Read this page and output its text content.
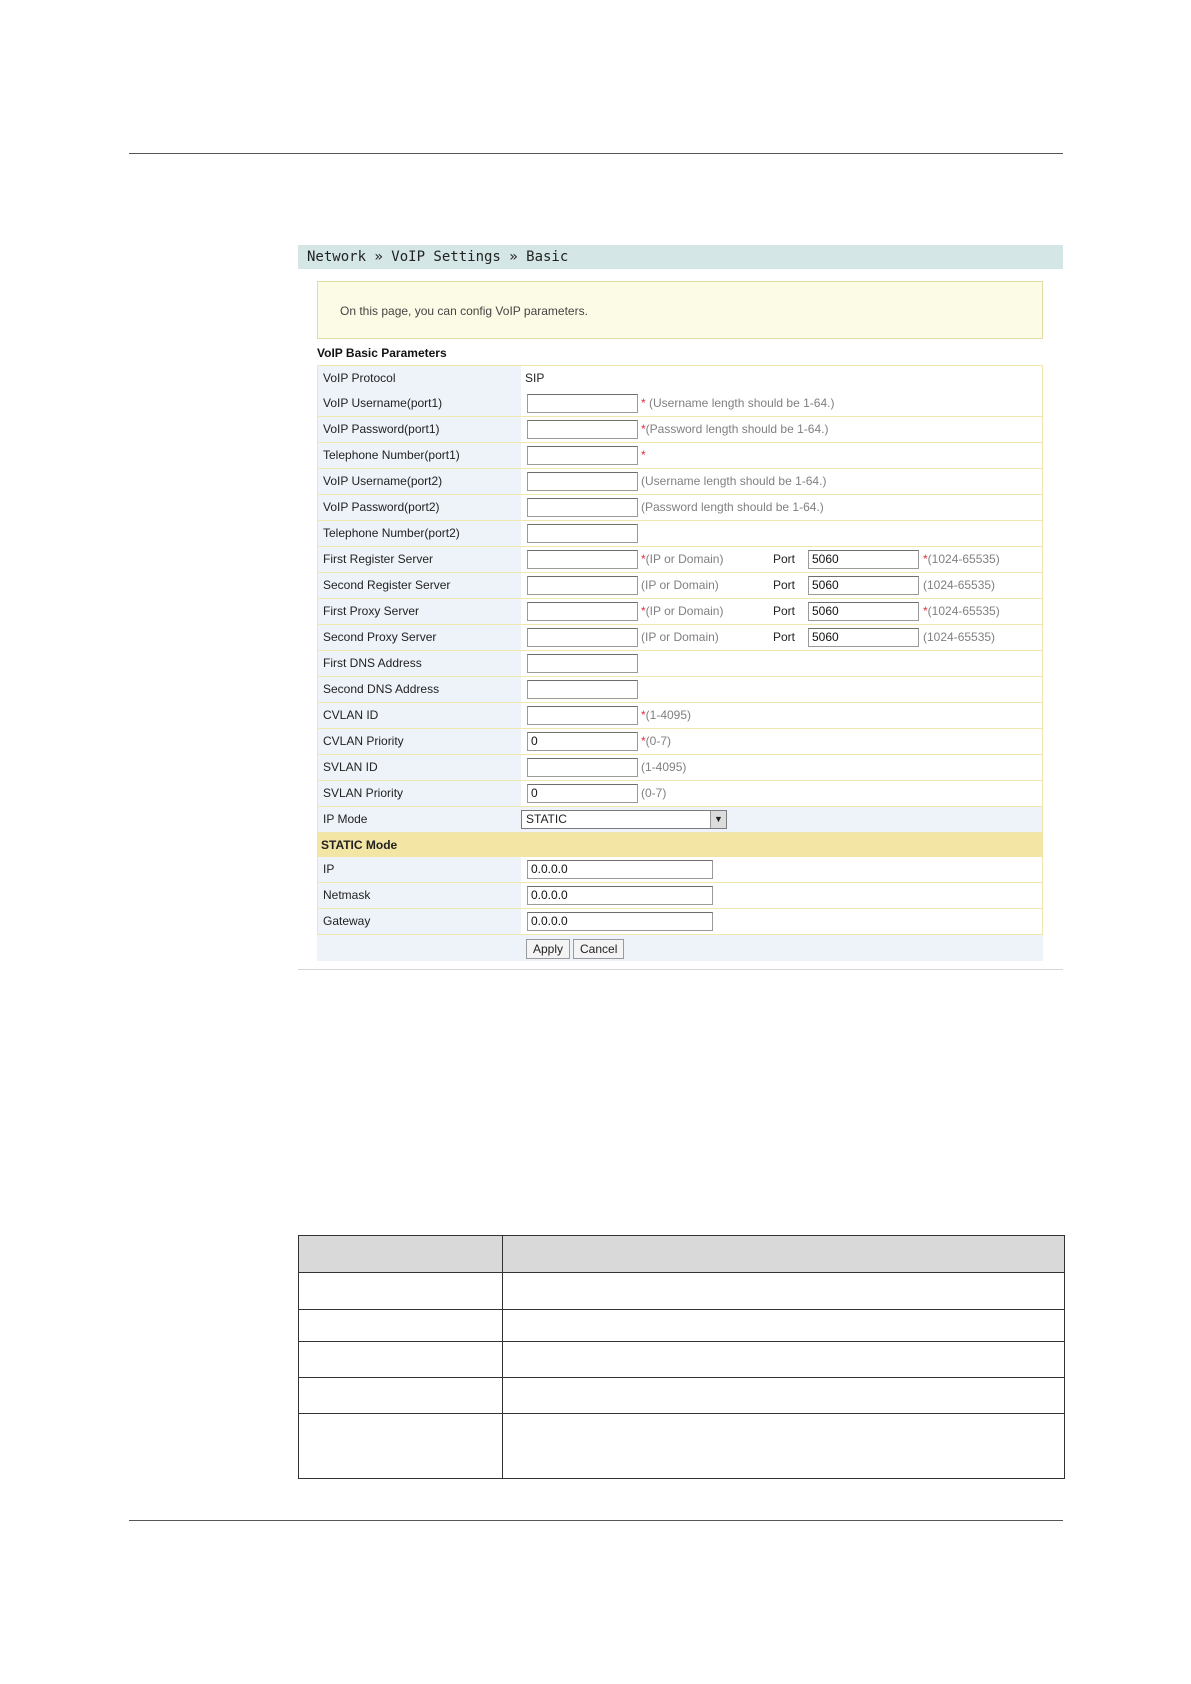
Network » VoIP Settings » Basic
On this page, you can config VoIP parameters.
VoIP Basic Parameters
VoIP Protocol	SIP
VoIP Username(port1)	* (Username length should be 1-64.)
VoIP Password(port1)	*(Password length should be 1-64.)
Telephone Number(port1)	*
VoIP Username(port2)	(Username length should be 1-64.)
VoIP Password(port2)	(Password length should be 1-64.)
Telephone Number(port2)
First Register Server	*(IP or Domain)	Port	5060	*(1024-65535)
Second Register Server	(IP or Domain)	Port	5060	(1024-65535)
First Proxy Server	*(IP or Domain)	Port	5060	*(1024-65535)
Second Proxy Server	(IP or Domain)	Port	5060	(1024-65535)
First DNS Address
Second DNS Address
CVLAN ID	*(1-4095)
CVLAN Priority	0	*(0-7)
SVLAN ID	(1-4095)
SVLAN Priority	0	(0-7)
IP Mode	STATIC	▼
STATIC Mode
IP	0.0.0.0
Netmask	0.0.0.0
Gateway	0.0.0.0
Apply	Cancel
